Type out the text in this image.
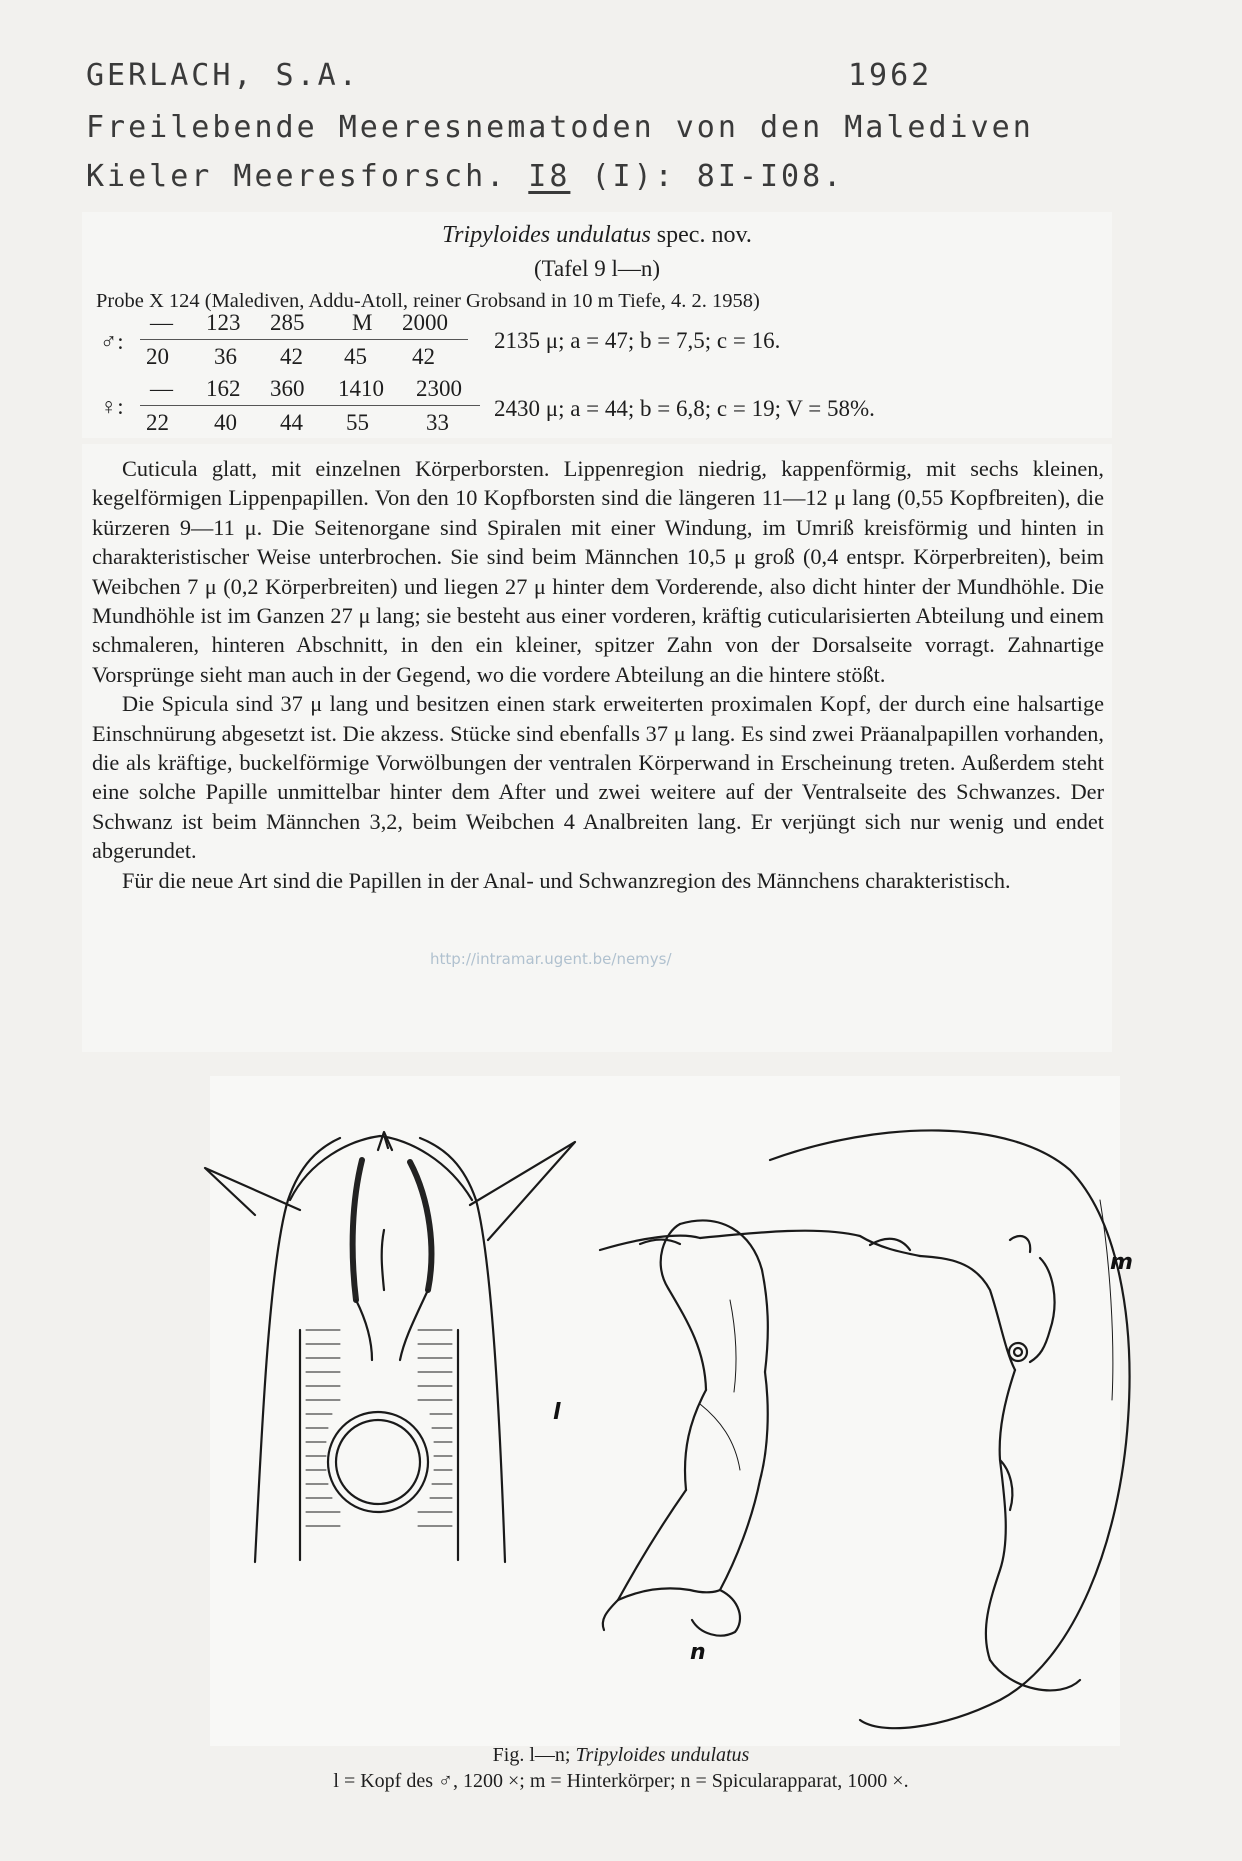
GERLACH, S.A.	1962
Freilebende Meeresnematoden von den Malediven
Kieler Meeresforsch. I8 (I): 8I-I08.
Tripyloides undulatus spec. nov.
(Tafel 9 l—n)
Probe X 124 (Malediven, Addu-Atoll, reiner Grobsand in 10 m Tiefe, 4. 2. 1958)
♂:
— 123 285 M 2000
20 36 42 45 42
2135 μ; a = 47; b = 7,5; c = 16.
♀:
— 162 360 1410 2300
22 40 44 55 33
2430 μ; a = 44; b = 6,8; c = 19; V = 58%.

Cuticula glatt, mit einzelnen Körperborsten. Lippenregion niedrig, kappenförmig, mit sechs kleinen, kegelförmigen Lippenpapillen. Von den 10 Kopfborsten sind die längeren 11—12 μ lang (0,55 Kopfbreiten), die kürzeren 9—11 μ. Die Seitenorgane sind Spiralen mit einer Windung, im Umriß kreisförmig und hinten in charakteristischer Weise unterbrochen. Sie sind beim Männchen 10,5 μ groß (0,4 entspr. Körperbreiten), beim Weibchen 7 μ (0,2 Körperbreiten) und liegen 27 μ hinter dem Vorderende, also dicht hinter der Mundhöhle. Die Mundhöhle ist im Ganzen 27 μ lang; sie besteht aus einer vorderen, kräftig cuticularisierten Abteilung und einem schmaleren, hinteren Abschnitt, in den ein kleiner, spitzer Zahn von der Dorsalseite vorragt. Zahnartige Vorsprünge sieht man auch in der Gegend, wo die vordere Abteilung an die hintere stößt.

Die Spicula sind 37 μ lang und besitzen einen stark erweiterten proximalen Kopf, der durch eine halsartige Einschnürung abgesetzt ist. Die akzess. Stücke sind ebenfalls 37 μ lang. Es sind zwei Präanalpapillen vorhanden, die als kräftige, buckelförmige Vorwölbungen der ventralen Körperwand in Erscheinung treten. Außerdem steht eine solche Papille unmittelbar hinter dem After und zwei weitere auf der Ventralseite des Schwanzes. Der Schwanz ist beim Männchen 3,2, beim Weibchen 4 Analbreiten lang. Er verjüngt sich nur wenig und endet abgerundet.

Für die neue Art sind die Papillen in der Anal- und Schwanzregion des Männchens charakteristisch.

http://intramar.ugent.be/nemys/
l
m
n
Fig. l—n; Tripyloides undulatus
l = Kopf des ♂, 1200 ×; m = Hinterkörper; n = Spicularapparat, 1000 ×.
